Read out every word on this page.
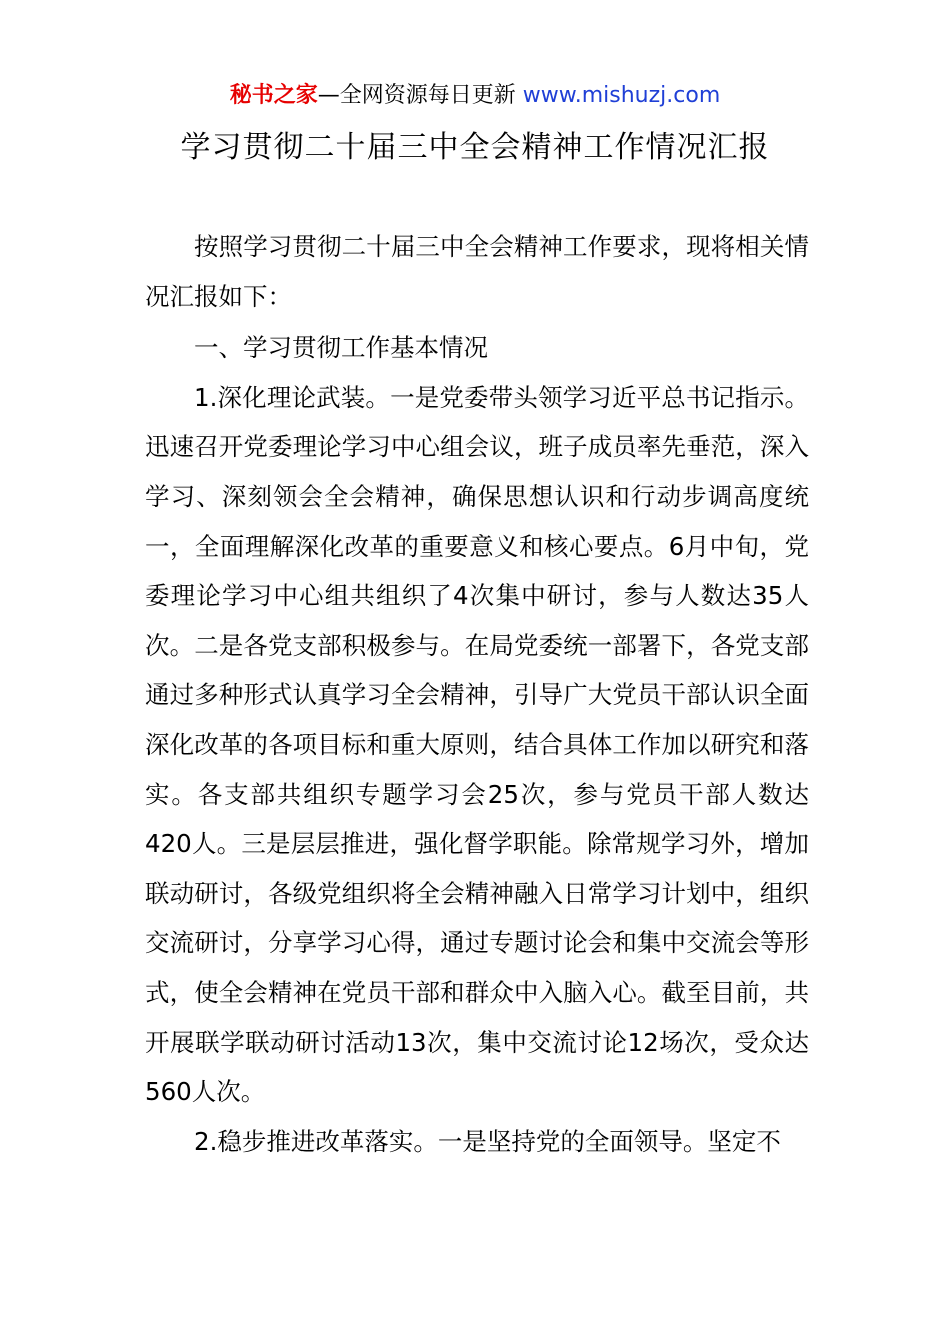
秘书之家—全网资源每日更新 www.mishuzj.com
学习贯彻二十届三中全会精神工作情况汇报

按照学习贯彻二十届三中全会精神工作要求，现将相关情况汇报如下：

一、学习贯彻工作基本情况

1.深化理论武装。一是党委带头领学习近平总书记指示。迅速召开党委理论学习中心组会议，班子成员率先垂范，深入学习、深刻领会全会精神，确保思想认识和行动步调高度统一，全面理解深化改革的重要意义和核心要点。6月中旬，党委理论学习中心组共组织了4次集中研讨，参与人数达35人次。二是各党支部积极参与。在局党委统一部署下，各党支部通过多种形式认真学习全会精神，引导广大党员干部认识全面深化改革的各项目标和重大原则，结合具体工作加以研究和落实。各支部共组织专题学习会25次，参与党员干部人数达420人。三是层层推进，强化督学职能。除常规学习外，增加联动研讨，各级党组织将全会精神融入日常学习计划中，组织交流研讨，分享学习心得，通过专题讨论会和集中交流会等形式，使全会精神在党员干部和群众中入脑入心。截至目前，共开展联学联动研讨活动13次，集中交流讨论12场次，受众达560人次。

2.稳步推进改革落实。一是坚持党的全面领导。坚定不
